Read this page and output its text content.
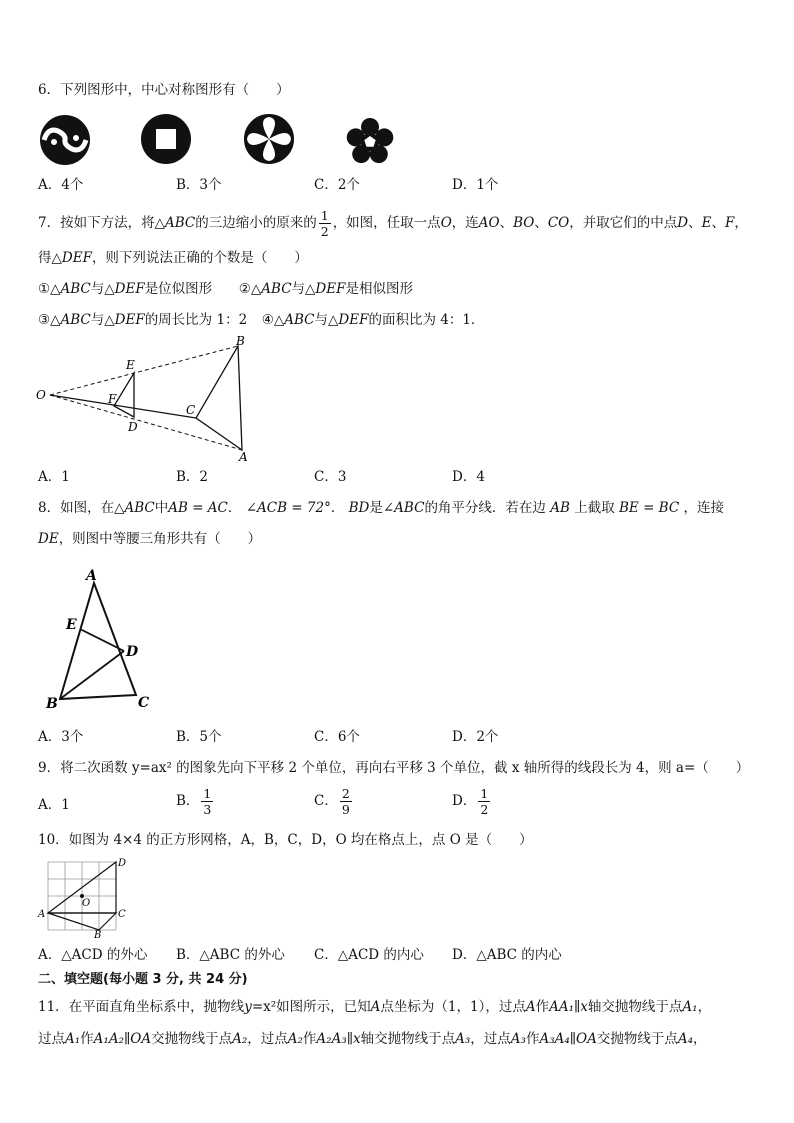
6．下列图形中，中心对称图形有（　　）
A．4个	B．3个	C．2个	D．1个
7．按如下方法，将△ABC的三边缩小的原来的 $\frac{1}{2}$ ，如图，任取一点O，连AO、BO、CO，并取它们的中点D、E、F，
得△DEF，则下列说法正确的个数是（　　）
①△ABC与△DEF是位似图形 ②△ABC与△DEF是相似图形
③△ABC与△DEF的周长比为 1：2 ④△ABC与△DEF的面积比为 4：1．
O
E
F
D
C
B
A
A．1	B．2	C．3	D．4
8．如图，在△ABC中AB = AC． ∠ACB = 72°． BD是∠ABC的角平分线．若在边 AB 上截取 BE = BC ，连接
DE，则图中等腰三角形共有（　　）
A
E
D
B	C
A．3个	B．5个	C．6个	D．2个
9．将二次函数 y=ax² 的图象先向下平移 2 个单位，再向右平移 3 个单位，截 x 轴所得的线段长为 4，则 a=（　　）
A．1	B． $\frac{1}{3}$	C． $\frac{2}{9}$	D． $\frac{1}{2}$
10．如图为 4×4 的正方形网格，A，B，C，D，O 均在格点上，点 O 是（　　）
D
O
A	C
B
A．△ACD 的外心 B．△ABC 的外心 C．△ACD 的内心 D．△ABC 的内心
二、填空题(每小题 3 分, 共 24 分)
11．在平面直角坐标系中，抛物线y=x²如图所示，已知A点坐标为（1，1），过点A作AA₁∥x轴交抛物线于点A₁，
过点A₁作A₁A₂∥OA交抛物线于点A₂，过点A₂作A₂A₃∥x轴交抛物线于点A₃，过点A₃作A₃A₄∥OA交抛物线于点A₄，
